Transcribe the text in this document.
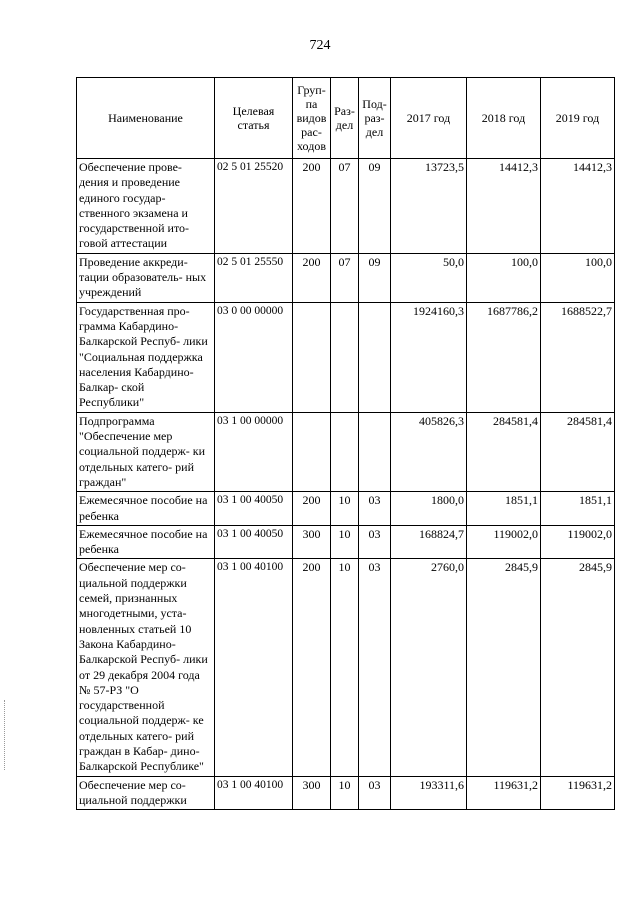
724
Наименование	Целевая статья	Груп- па видов рас- ходов	Раз- дел	Под- раз- дел	2017 год	2018 год	2019 год
Обеспечение прове- дения и проведение единого государ- ственного экзамена и государственной ито- говой аттестации	02 5 01 25520	200	07	09	13723,5	14412,3	14412,3
Проведение аккреди- тации образователь- ных учреждений	02 5 01 25550	200	07	09	50,0	100,0	100,0
Государственная про- грамма Кабардино- Балкарской Респуб- лики "Социальная поддержка населения Кабардино-Балкар- ской Республики"	03 0 00 00000				1924160,3	1687786,2	1688522,7
Подпрограмма "Обеспечение мер социальной поддерж- ки отдельных катего- рий граждан"	03 1 00 00000				405826,3	284581,4	284581,4
Ежемесячное пособие на ребенка	03 1 00 40050	200	10	03	1800,0	1851,1	1851,1
Ежемесячное пособие на ребенка	03 1 00 40050	300	10	03	168824,7	119002,0	119002,0
Обеспечение мер со- циальной поддержки семей, признанных многодетными, уста- новленных статьей 10 Закона Кабардино- Балкарской Респуб- лики от 29 декабря 2004 года № 57-РЗ "О государственной социальной поддерж- ке отдельных катего- рий граждан в Кабар- дино-Балкарской Республике"	03 1 00 40100	200	10	03	2760,0	2845,9	2845,9
Обеспечение мер со- циальной поддержки	03 1 00 40100	300	10	03	193311,6	119631,2	119631,2
